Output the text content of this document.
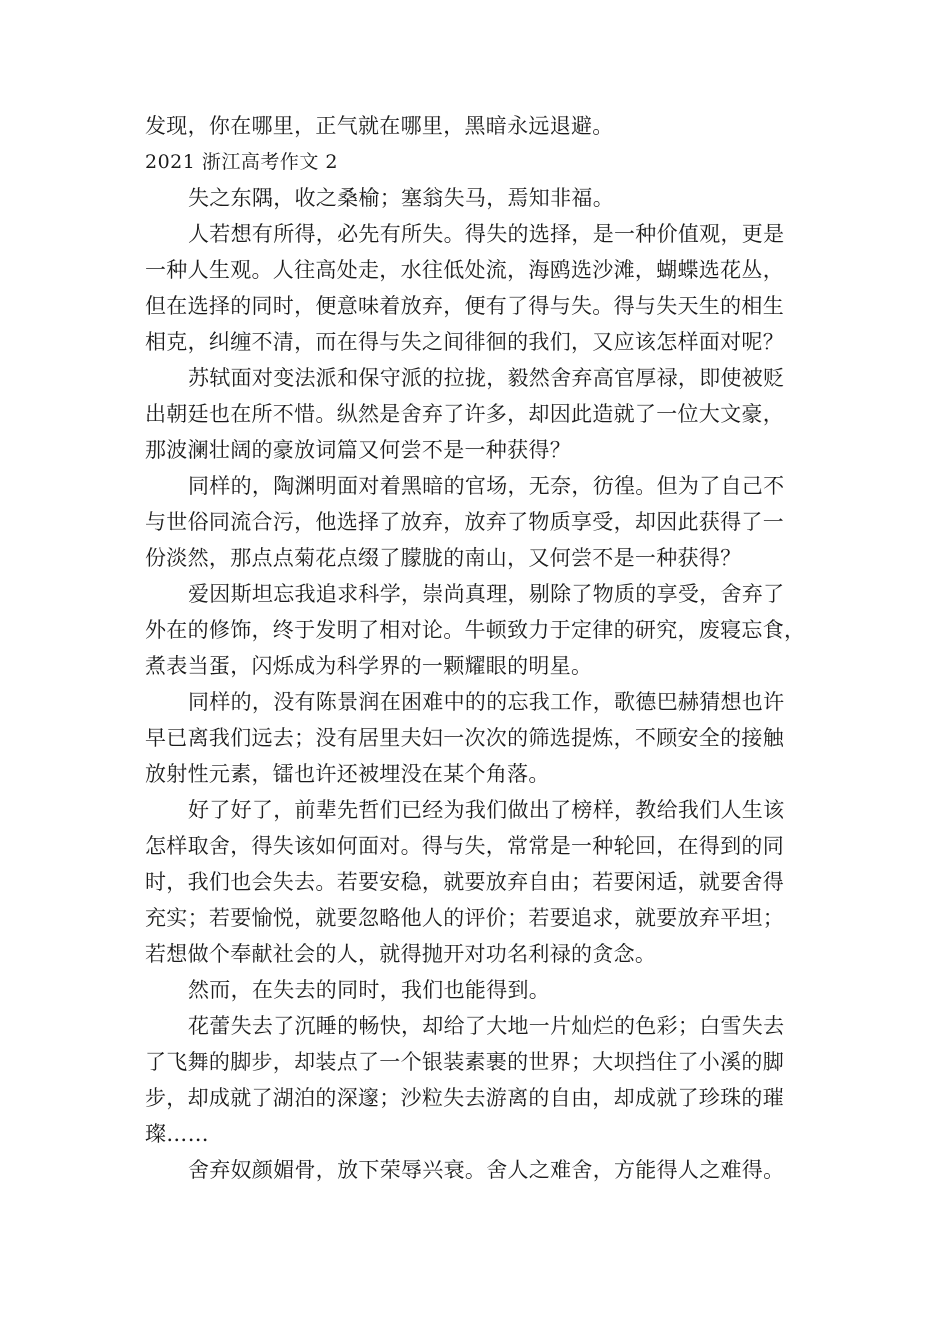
发现，你在哪里，正气就在哪里，黑暗永远退避。
2021 浙江高考作文 2
失之东隅，收之桑榆；塞翁失马，焉知非福。
人若想有所得，必先有所失。得失的选择，是一种价值观，更是
一种人生观。人往高处走，水往低处流，海鸥选沙滩，蝴蝶选花丛，
但在选择的同时，便意味着放弃，便有了得与失。得与失天生的相生
相克，纠缠不清，而在得与失之间徘徊的我们，又应该怎样面对呢？
苏轼面对变法派和保守派的拉拢，毅然舍弃高官厚禄，即使被贬
出朝廷也在所不惜。纵然是舍弃了许多，却因此造就了一位大文豪，
那波澜壮阔的豪放词篇又何尝不是一种获得？
同样的，陶渊明面对着黑暗的官场，无奈，彷徨。但为了自己不
与世俗同流合污，他选择了放弃，放弃了物质享受，却因此获得了一
份淡然，那点点菊花点缀了朦胧的南山，又何尝不是一种获得？
爱因斯坦忘我追求科学，崇尚真理，剔除了物质的享受，舍弃了
外在的修饰，终于发明了相对论。牛顿致力于定律的研究，废寝忘食，
煮表当蛋，闪烁成为科学界的一颗耀眼的明星。
同样的，没有陈景润在困难中的的忘我工作，歌德巴赫猜想也许
早已离我们远去；没有居里夫妇一次次的筛选提炼，不顾安全的接触
放射性元素，镭也许还被埋没在某个角落。
好了好了，前辈先哲们已经为我们做出了榜样，教给我们人生该
怎样取舍，得失该如何面对。得与失，常常是一种轮回，在得到的同
时，我们也会失去。若要安稳，就要放弃自由；若要闲适，就要舍得
充实；若要愉悦，就要忽略他人的评价；若要追求，就要放弃平坦；
若想做个奉献社会的人，就得抛开对功名利禄的贪念。
然而，在失去的同时，我们也能得到。
花蕾失去了沉睡的畅快，却给了大地一片灿烂的色彩；白雪失去
了飞舞的脚步，却装点了一个银装素裹的世界；大坝挡住了小溪的脚
步，却成就了湖泊的深邃；沙粒失去游离的自由，却成就了珍珠的璀
璨……
舍弃奴颜媚骨，放下荣辱兴衰。舍人之难舍，方能得人之难得。
